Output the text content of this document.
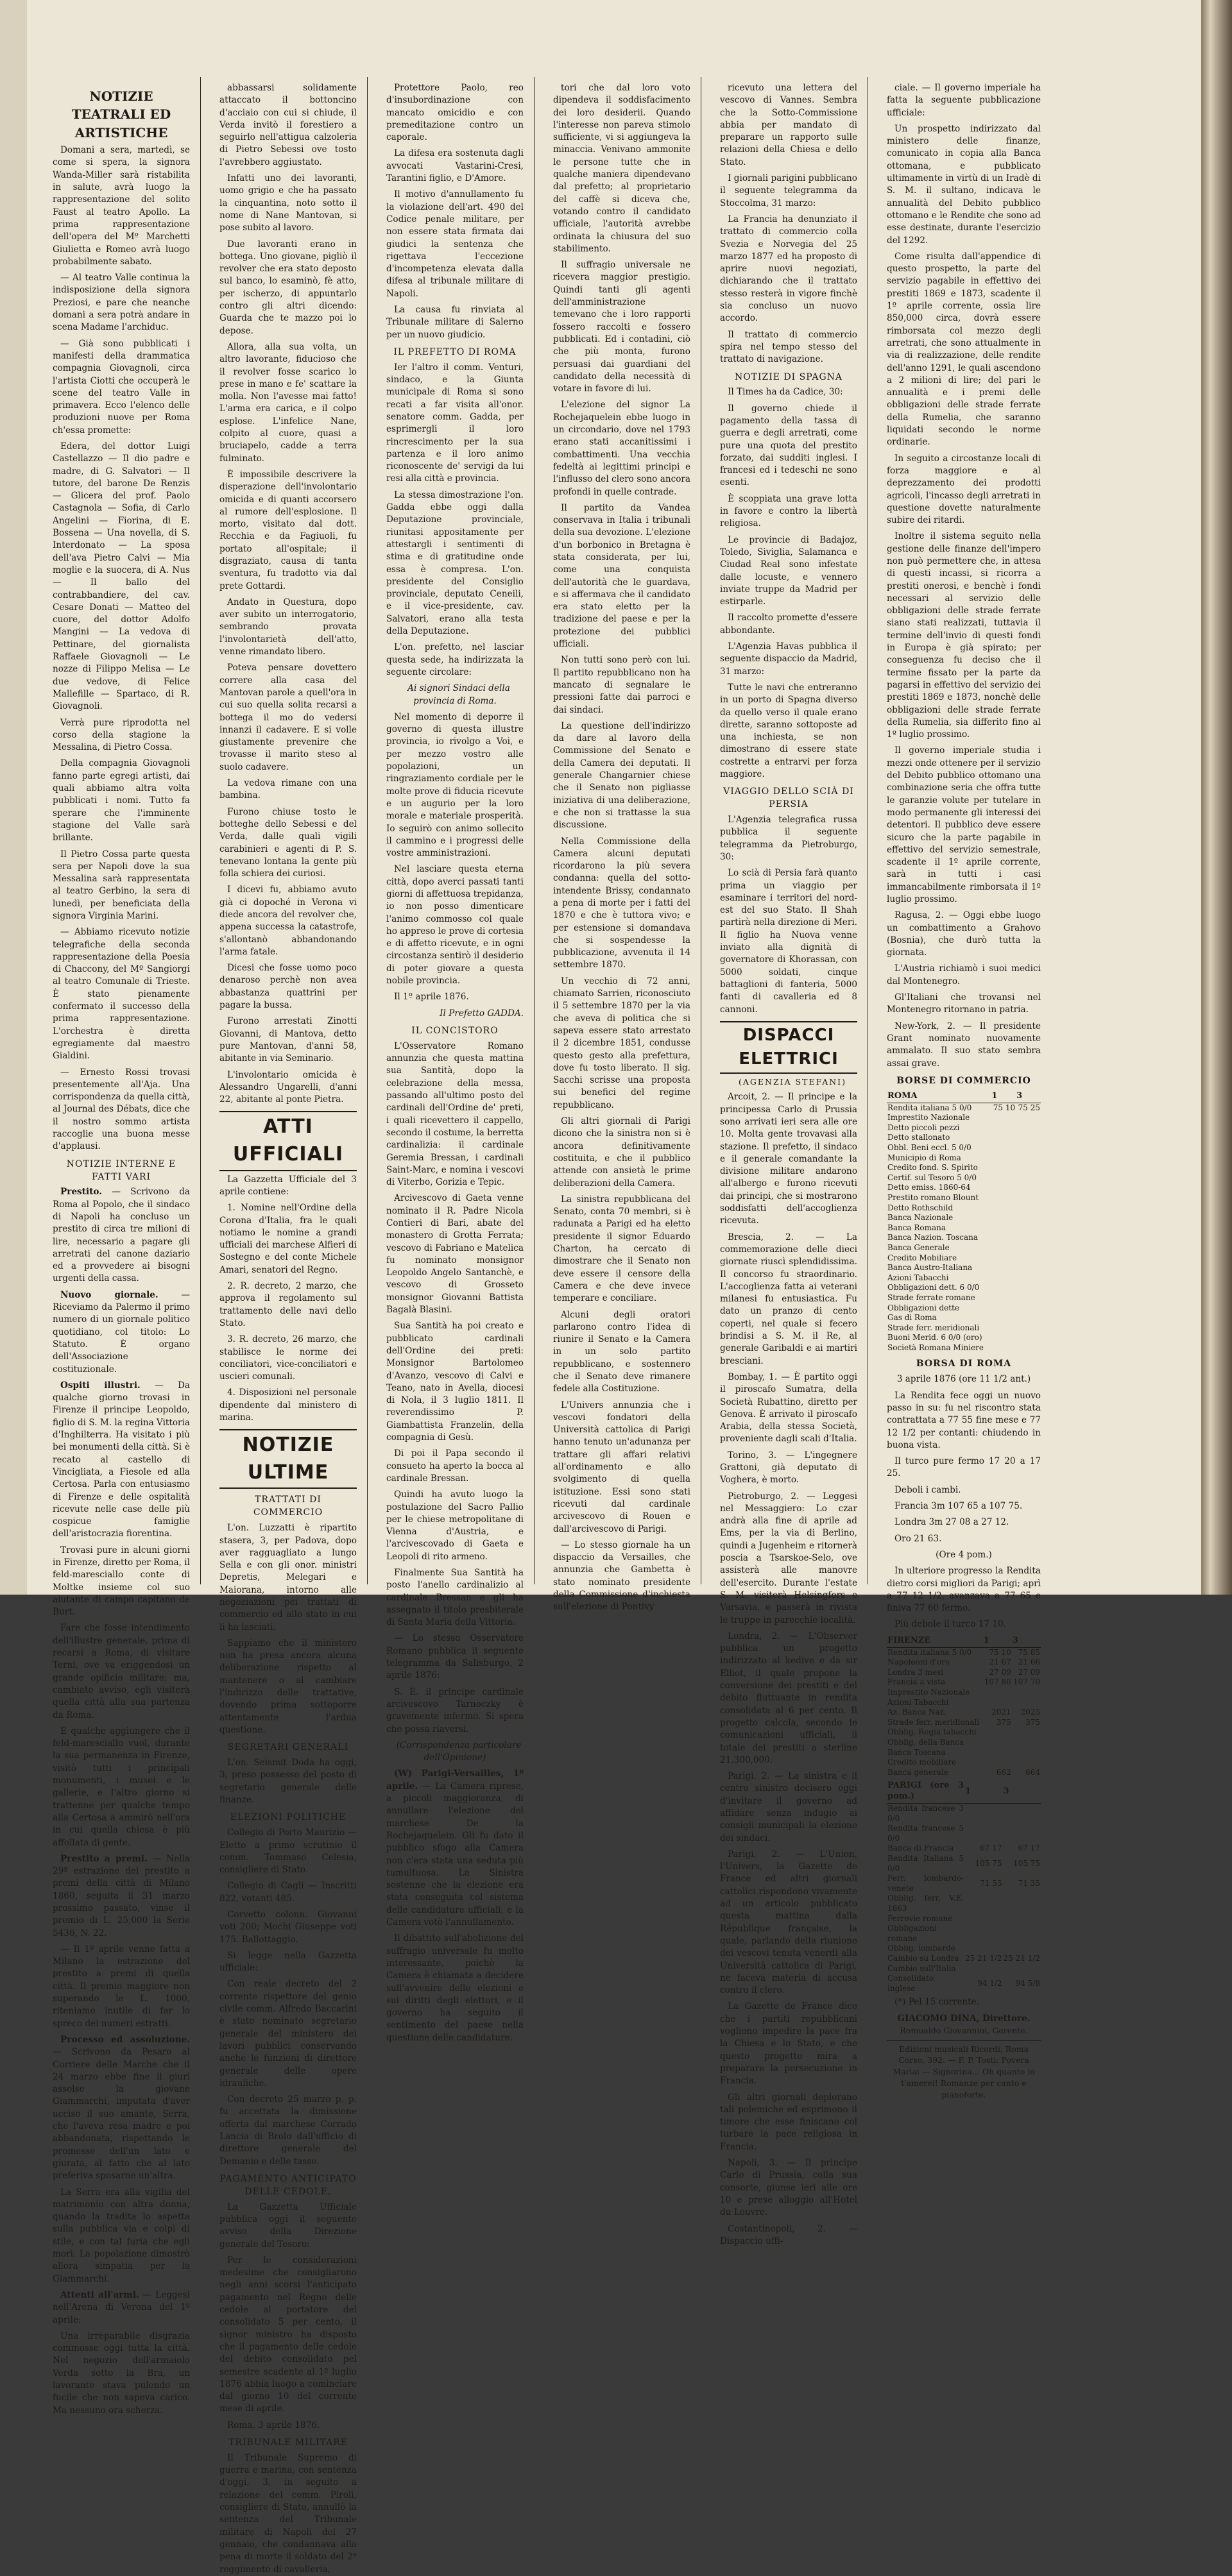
NOTIZIE TEATRALI ED ARTISTICHE

Domani a sera, martedì, se come si spera, la signora Wanda-Miller sarà ristabilita in salute, avrà luogo la rappresentazione del solito Faust al teatro Apollo. La prima rappresentazione dell'opera del Mº Marchetti Giulietta e Romeo avrà luogo probabilmente sabato.

— Al teatro Valle continua la indisposizione della signora Preziosi, e pare che neanche domani a sera potrà andare in scena Madame l'archiduc.

— Già sono pubblicati i manifesti della drammatica compagnia Giovagnoli, circa l'artista Ciotti che occuperà le scene del teatro Valle in primavera. Ecco l'elenco delle produzioni nuove per Roma ch'essa promette:

Edera, del dottor Luigi Castellazzo — Il dio padre e madre, di G. Salvatori — Il tutore, del barone De Renzis — Glicera del prof. Paolo Castagnola — Sofia, di Carlo Angelini — Fiorina, di E. Bossena — Una novella, di S. Interdonato — La sposa dell'ava Pietro Calvi — Mia moglie e la suocera, di A. Nus — Il ballo del contrabbandiere, del cav. Cesare Donati — Matteo del cuore, del dottor Adolfo Mangini — La vedova di Pettinare, del giornalista Raffaele Giovagnoli — Le nozze di Filippo Melisa — Le due vedove, di Felice Mallefille — Spartaco, di R. Giovagnoli.

Verrà pure riprodotta nel corso della stagione la Messalina, di Pietro Cossa.

Della compagnia Giovagnoli fanno parte egregi artisti, dai quali abbiamo altra volta pubblicati i nomi. Tutto fa sperare che l'imminente stagione del Valle sarà brillante.

Il Pietro Cossa parte questa sera per Napoli dove la sua Messalina sarà rappresentata al teatro Gerbino, la sera di lunedì, per beneficiata della signora Virginia Marini.

— Abbiamo ricevuto notizie telegrafiche della seconda rappresentazione della Poesia di Chaccony, del Mº Sangiorgi al teatro Comunale di Trieste. È stato pienamente confermato il successo della prima rappresentazione. L'orchestra è diretta egregiamente dal maestro Gialdini.

— Ernesto Rossi trovasi presentemente all'Aja. Una corrispondenza da quella città, al Journal des Débats, dice che il nostro sommo artista raccoglie una buona messe d'applausi.

NOTIZIE INTERNE E FATTI VARI

Prestito. — Scrivono da Roma al Popolo, che il sindaco di Napoli ha concluso un prestito di circa tre milioni di lire, necessario a pagare gli arretrati del canone daziario ed a provvedere ai bisogni urgenti della cassa.

Nuovo giornale.	— Riceviamo da Palermo il primo numero di un giornale politico quotidiano, col titolo: Lo Statuto. È organo dell'Associazione costituzionale.

Ospiti illustri. — Da qualche giorno trovasi in Firenze il principe Leopoldo, figlio di S. M. la regina Vittoria d'Inghilterra. Ha visitato i più bei monumenti della città. Si è recato al castello di Vincigliata, a Fiesole ed alla Certosa. Parla con entusiasmo di Firenze e delle ospitalità ricevute nelle case delle più cospicue famiglie dell'aristocrazia fiorentina.

Trovasi pure in alcuni giorni in Firenze, diretto per Roma, il feld-maresciallo conte di Moltke insieme col suo aiutante di campo capitano de Burt.

Fare che fosse intendimento dell'illustre generale, prima di recarsi a Roma, di visitare Terni, ove va eriggendosi un grande opificio militare; ma, cambiato avviso, egli visiterà quella città alla sua partenza da Roma.

E qualche aggiungere che il feld-maresciallo vuol, durante la sua permanenza in Firenze, visitò tutti i principali monumenti, i musei e le gallerie, e l'altro giorno si trattenne per qualche tempo alla Certosa a ammirò nell'ora in cui quella chiesa è più affollata di gente.

Prestito a premi. — Nella 29ª estrazione del prestito a premi della città di Milano 1860, seguita il 31 marzo prossimo passato, vinse il premio di L. 25,000 la Serie 5436, N. 22.

— Il 1º aprile venne fatta a Milano la estrazione del prestito a premi di quella città. Il premio maggiore non superando le L. 1000, riteniamo inutile di far lo spreco dei numeri estratti.

Processo ed assoluzione. — Scrivono da Pesaro al Corriere delle Marche che il 24 marzo ebbe fine il giuri assolse la giovane Giammarchi, imputata d'aver ucciso il suo amante, Serra, che l'aveva resa madre e poi abbandonata, rispettando le promesse dell'un lato e giurata, al fatto che al lato preferiva sposarne un'altra.

La Serra era alla vigilia del matrimonio con altra donna, quando la tradita lo aspetta sulla pubblica via e colpì di stile, e con tal furia che egli morì. La popolazione dimostrò allora simpatia per la Giammarchi.

Attenti all'armi. — Leggesi nell'Arena di Verona del 1º aprile:

Una irreparabile disgrazia commosse oggi tutta la città. Nel negozio dell'armaiolo Verda sotto la Bra, un lavorante stava pulendo un fucile che non sapeva carico. Ma nessuno ora scherza.

abbassarsi solidamente attaccato il bottoncino d'acciaio con cui si chiude, il Verda invitò il forestiero a seguirlo nell'attigua calzoleria di Pietro Sebessi ove tosto l'avrebbero aggiustato.

Infatti uno dei lavoranti, uomo grigio e che ha passato la cinquantina, noto sotto il nome di Nane Mantovan, si pose subito al lavoro.

Due lavoranti erano in bottega. Uno giovane, pigliò il revolver che era stato deposto sul banco, lo esaminò, fè atto, per ischerzo, di appuntarlo contro gli altri dicendo: Guarda che te mazzo poi lo depose.

Allora, alla sua volta, un altro lavorante, fiducioso che il revolver fosse scarico lo prese in mano e fe' scattare la molla. Non l'avesse mai fatto! L'arma era carica, e il colpo esplose. L'infelice Nane, colpito al cuore, quasi a bruciapelo, cadde a terra fulminato.

È impossibile descrivere la disperazione dell'involontario omicida e di quanti accorsero al rumore dell'esplosione. Il morto, visitato dal dott. Recchia e da Fagiuoli, fu portato all'ospitale; il disgraziato, causa di tanta sventura, fu tradotto via dal prete Gottardi.

Andato in Questura, dopo aver subito un interrogatorio, sembrando provata l'involontarietà dell'atto, venne rimandato libero.

Poteva pensare dovettero correre alla casa del Mantovan parole a quell'ora in cui suo quella solita recarsi a bottega il mo do vedersi innanzi il cadavere. E si volle giustamente prevenire che trovasse il marito steso al suolo cadavere.

La vedova rimane con una bambina.

Furono chiuse tosto le botteghe dello Sebessi e del Verda, dalle quali vigili carabinieri e agenti di P. S. tenevano lontana la gente più folla schiera dei curiosi.

I dicevi fu, abbiamo avuto già ci dopoché in Verona vi diede ancora del revolver che, appena successa la catastrofe, s'allontanò abbandonando l'arma fatale.

Dicesi che fosse uomo poco denaroso perchè non avea abbastanza quattrini per pagare la bussa.

Furono arrestati Zinotti Giovanni, di Mantova, detto pure Mantovan, d'anni 58, abitante in via Seminario.

L'involontario omicida è Alessandro Ungarelli, d'anni 22, abitante al ponte Pietra.

ATTI UFFICIALI

La Gazzetta Ufficiale del 3 aprile contiene:

1. Nomine nell'Ordine della Corona d'Italia, fra le quali notiamo le nomine a grandi ufficiali dei marchese Alfieri di Sostegno e del conte Michele Amari, senatori del Regno.

2. R. decreto, 2 marzo, che approva il regolamento sul trattamento delle navi dello Stato.

3. R. decreto, 26 marzo, che stabilisce le norme dei conciliatori, vice-conciliatori e uscieri comunali.

4. Disposizioni nel personale dipendente dal ministero di marina.

NOTIZIE ULTIME

TRATTATI DI COMMERCIO

L'on. Luzzatti è ripartito stasera, 3, per Padova, dopo aver ragguagliato a lungo Sella e con gli onor. ministri Depretis, Melegari e Maiorana, intorno alle negoziazioni pei trattati di commercio ed allo stato in cui li ha lasciati.

Sappiamo che il ministero non ha presa ancora alcuna deliberazione rispetto al mantenere o al cambiare l'indirizzo delle trattative, dovendo prima sottoporre attentamente l'ardua questione.

SEGRETARI GENERALI

L'on. Seismit Doda ha oggi, 3, preso possesso del posto di segretario generale delle finanze.

ELEZIONI POLITICHE

Collegio di Porto Maurizio — Eletto a primo scrutinio il comm. Tommaso Celesia, consigliere di Stato.

Collegio di Cagli — Inscritti 822, votanti 485.

Corvetto colonn. Giovanni voti 200; Mochi Giuseppe voti 175. Ballottaggio.

Si legge nella Gazzetta ufficiale:

Con reale decreto del 2 corrente rispettore del genio civile comm. Alfredo Baccarini è stato nominato segretario generale del ministero dei lavori pubblici conservando anche le funzioni di direttore generale delle opere idrauliche.

Con decreto 25 marzo p. p. fu accettata la dimissione offerta dal marchese Corrado Lancia di Brolo dall'ufficio di direttore generale del Demanio e delle tasse.

PAGAMENTO ANTICIPATO DELLE CEDOLE.

La Gazzetta Ufficiale pubblica oggi il seguente avviso della Direzione generale del Tesoro:

Per le considerazioni medesime che consigliarono negli anni scorsi l'anticipato pagamento nel Regno delle cedole al portatore del consolidato 5 per cento, il signor ministro ha disposto che il pagamento delle cedole del debito consolidato pel semestre scadente al 1º luglio 1876 abbia luogo a cominciare dal giorno 10 del corrente mese di aprile.

Roma, 3 aprile 1876.

TRIBUNALE MILITARE

Il Tribunale Supremo di guerra e marina, con sentenza d'oggi, 3, in seguito a relazione del comm. Piroli, consigliere di Stato, annullò la sentenza del Tribunale militare di Napoli del 27 gennaio, che condannava alla pena di morte il soldato del 2º reggimento di cavalleria,

Protettore Paolo, reo d'insubordinazione con mancato omicidio e con premeditazione contro un caporale.

La difesa era sostenuta dagli avvocati Vastarini-Cresi, Tarantini figlio, e D'Amore.

Il motivo d'annullamento fu la violazione dell'art. 490 del Codice penale militare, per non essere stata firmata dai giudici la sentenza che rigettava l'eccezione d'incompetenza elevata dalla difesa al tribunale militare di Napoli.

La causa fu rinviata al Tribunale militare di Salerno per un nuovo giudicio.

IL PREFETTO DI ROMA

Ier l'altro il comm. Venturi, sindaco, e la Giunta municipale di Roma si sono recati a far visita all'onor. senatore comm. Gadda, per esprimergli il loro rincrescimento per la sua partenza e il loro animo riconoscente de' servigi da lui resi alla città e provincia.

La stessa dimostrazione l'on. Gadda ebbe oggi dalla Deputazione provinciale, riunitasi appositamente per attestargli i sentimenti di stima e di gratitudine onde essa è compresa. L'on. presidente del Consiglio provinciale, deputato Ceneili, e il vice-presidente, cav. Salvatori, erano alla testa della Deputazione.

L'on. prefetto, nel lasciar questa sede, ha indirizzata la seguente circolare:

Ai signori Sindaci della provincia di Roma.

Nel momento di deporre il governo di questa illustre provincia, io rivolgo a Voi, e per mezzo vostro alle popolazioni, un ringraziamento cordiale per le molte prove di fiducia ricevute e un augurio per la loro morale e materiale prosperità. Io seguirò con animo sollecito il cammino e i progressi delle vostre amministrazioni.

Nel lasciare questa eterna città, dopo averci passati tanti giorni di affettuosa trepidanza, io non posso dimenticare l'animo commosso col quale ho appreso le prove di cortesia e di affetto ricevute, e in ogni circostanza sentirò il desiderio di poter giovare a questa nobile provincia.

Il 1º aprile 1876.

Il Prefetto GADDA.

IL CONCISTORO

L'Osservatore Romano annunzia che questa mattina sua Santità, dopo la celebrazione della messa, passando all'ultimo posto del cardinali dell'Ordine de' preti, i quali ricevettero il cappello, secondo il costume, la berretta cardinalizia: il cardinale Geremia Bressan, i cardinali Saint-Marc, e nomina i vescovi di Viterbo, Gorizia e Tepic.

Arcivescovo di Gaeta venne nominato il R. Padre Nicola Contieri di Bari, abate del monastero di Grotta Ferrata; vescovo di Fabriano e Matelica fu nominato monsignor Leopoldo Angelo Santanchè, e vescovo di Grosseto monsignor Giovanni Battista Bagalà Blasini.

Sua Santità ha poi creato e pubblicato cardinali dell'Ordine dei preti: Monsignor Bartolomeo d'Avanzo, vescovo di Calvi e Teano, nato in Avella, diocesi di Nola, il 3 luglio 1811. Il reverendissimo P. Giambattista Franzelin, della compagnia di Gesù.

Di poi il Papa secondo il consueto ha aperto la bocca al cardinale Bressan.

Quindi ha avuto luogo la postulazione del Sacro Pallio per le chiese metropolitane di Vienna d'Austria, e l'arcivescovado di Gaeta e Leopoli di rito armeno.

Finalmente Sua Santità ha posto l'anello cardinalizio al cardinale Bressan e gli ha assegnato il titolo presbiterale di Santa Maria della Vittoria.

— Lo stesso Osservatore Romano pubblica il seguente telegramma da Salisburgo, 2 aprile 1876:

S. E. il principe cardinale arcivescovo Tarnoczky è gravemente infermo. Si spera che possa riaversi.

(Corrispondenza particolare dell'Opinione)

(W) Parigi-Versailles, 1º aprile. — La Camera riprese, a piccoli maggioranza, di annullare l'elezione del marchese De la Rochejaquelein. Gli fu dato il pubblico sfogo alla Camera non c'era stata una seduta più tumultuosa. La Sinistra sostenne che la elezione era stata conseguita col sistema delle candidature ufficiali, e la Camera votò l'annullamento.

Il dibattito sull'abolizione del suffragio universale fu molto interessante, poichè la Camera è chiamata a decidere sull'avvenire delle elezioni e sui diritti degli elettori, e il governo ha seguito il sentimento del paese nella questione delle candidature.

tori che dal loro voto dipendeva il soddisfacimento dei loro desiderii. Quando l'interesse non pareva stimolo sufficiente, vi si aggiungeva la minaccia. Venivano ammonite le persone tutte che in qualche maniera dipendevano dal prefetto; al proprietario del caffè si diceva che, votando contro il candidato ufficiale, l'autorità avrebbe ordinata la chiusura del suo stabilimento.

Il suffragio universale ne ricevera maggior prestigio. Quindi tanti gli agenti dell'amministrazione temevano che i loro rapporti fossero raccolti e fossero pubblicati. Ed i contadini, ciò che più monta, furono persuasi dai guardiani del candidato della necessità di votare in favore di lui.

L'elezione del signor La Rochejaquelein ebbe luogo in un circondario, dove nel 1793 erano stati accanitissimi i combattimenti. Una vecchia fedeltà ai legittimi principi e l'influsso del clero sono ancora profondi in quelle contrade.

Il partito da Vandea conservava in Italia i tribunali della sua devozione. L'elezione d'un borbonico in Bretagna è stata considerata, per lui, come una conquista dell'autorità che le guardava, e si affermava che il candidato era stato eletto per la tradizione del paese e per la protezione dei pubblici ufficiali.

Non tutti sono però con lui. Il partito repubblicano non ha mancato di segnalare le pressioni fatte dai parroci e dai sindaci.

La questione dell'indirizzo da dare al lavoro della Commissione del Senato e della Camera dei deputati. Il generale Changarnier chiese che il Senato non pigliasse iniziativa di una deliberazione, e che non si trattasse la sua discussione.

Nella Commissione della Camera alcuni deputati ricordarono la più severa condanna: quella del sotto-intendente Brissy, condannato a pena di morte per i fatti del 1870 e che è tuttora vivo; e per estensione si domandava che si sospendesse la pubblicazione, avvenuta il 14 settembre 1870.

Un vecchio di 72 anni, chiamato Sarrien, riconosciuto il 5 settembre 1870 per la via che aveva di politica che si sapeva essere stato arrestato il 2 dicembre 1851, condusse questo gesto alla prefettura, dove fu tosto liberato. Il sig. Sacchi scrisse una proposta sui benefici del regime repubblicano.

Gli altri giornali di Parigi dicono che la sinistra non si è ancora definitivamente costituita, e che il pubblico attende con ansietà le prime deliberazioni della Camera.

La sinistra repubblicana del Senato, conta 70 membri, si è radunata a Parigi ed ha eletto presidente il signor Eduardo Charton, ha cercato di dimostrare che il Senato non deve essere il censore della Camera e che deve invece temperare e conciliare.

Alcuni degli oratori parlarono contro l'idea di riunire il Senato e la Camera in un solo partito repubblicano, e sostennero che il Senato deve rimanere fedele alla Costituzione.

L'Univers annunzia che i vescovi fondatori della Università cattolica di Parigi hanno tenuto un'adunanza per trattare gli affari relativi all'ordinamento e allo svolgimento di quella istituzione. Essi sono stati ricevuti dal cardinale arcivescovo di Rouen e dall'arcivescovo di Parigi.

— Lo stesso giornale ha un dispaccio da Versailles, che annunzia che Gambetta è stato nominato presidente della Commissione d'inchiesta sull'elezione di Pontivy

ricevuto una lettera del vescovo di Vannes. Sembra che la Sotto-Commissione abbia per mandato di preparare un rapporto sulle relazioni della Chiesa e dello Stato.

I giornali parigini pubblicano il seguente telegramma da Stoccolma, 31 marzo:

La Francia ha denunziato il trattato di commercio colla Svezia e Norvegia del 25 marzo 1877 ed ha proposto di aprire nuovi negoziati, dichiarando che il trattato stesso resterà in vigore finchè sia concluso un nuovo accordo.

Il trattato di commercio spira nel tempo stesso del trattato di navigazione.

NOTIZIE DI SPAGNA

Il Times ha da Cadice, 30:

Il governo chiede il pagamento della tassa di guerra e degli arretrati, come pure una quota del prestito forzato, dai sudditi inglesi. I francesi ed i tedeschi ne sono esenti.

È scoppiata una grave lotta in favore e contro la libertà religiosa.

Le provincie di Badajoz, Toledo, Siviglia, Salamanca e Ciudad Real sono infestate dalle locuste, e vennero inviate truppe da Madrid per estirparle.

Il raccolto promette d'essere abbondante.

L'Agenzia Havas pubblica il seguente dispaccio da Madrid, 31 marzo:

Tutte le navi che entreranno in un porto di Spagna diverso da quello verso il quale erano dirette, saranno sottoposte ad una inchiesta, se non dimostrano di essere state costrette a entrarvi per forza maggiore.

VIAGGIO DELLO SCIÀ DI PERSIA

L'Agenzia telegrafica russa pubblica il seguente telegramma da Pietroburgo, 30:

Lo scià di Persia farà quanto prima un viaggio per esaminare i territori del nord-est del suo Stato. Il Shah partirà nella direzione di Meri. Il figlio ha Nuova venne inviato alla dignità di governatore di Khorassan, con 5000 soldati, cinque battaglioni di fanteria, 5000 fanti di cavalleria ed 8 cannoni.

DISPACCI ELETTRICI

(AGENZIA STEFANI)

Arcoit, 2. — Il principe e la principessa Carlo di Prussia sono arrivati ieri sera alle ore 10. Molta gente trovavasi alla stazione. Il prefetto, il sindaco e il generale comandante la divisione militare andarono all'albergo e furono ricevuti dai principi, che si mostrarono soddisfatti dell'accoglienza ricevuta.

Brescia, 2. — La commemorazione delle dieci giornate riuscì splendidissima. Il concorso fu straordinario. L'accoglienza fatta ai veterani milanesi fu entusiastica. Fu dato un pranzo di cento coperti, nel quale si fecero brindisi a S. M. il Re, al generale Garibaldi e ai martiri bresciani.

Bombay, 1. — È partito oggi il piroscafo Sumatra, della Società Rubattino, diretto per Genova. È arrivato il piroscafo Arabia, della stessa Società, proveniente dagli scali d'Italia.

Torino, 3. — L'ingegnere Grattoni, già deputato di Voghera, è morto.

Pietroburgo, 2. — Leggesi nel Messaggiero: Lo czar andrà alla fine di aprile ad Ems, per la via di Berlino, quindi a Jugenheim e ritornerà poscia a Tsarskoe-Selo, ove assisterà alle manovre dell'esercito. Durante l'estate S. M. visiterà Helsingfors e Varsavia, e passerà in rivista le truppe in parecchie località.

Londra, 2. — L'Observer pubblica un progetto indirizzato al kedive e da sir Elliot, il quale propone la conversione dei prestiti e del debito fluttuante in rendita consolidata al 6 per cento. Il progetto calcola, secondo le comunicazioni ufficiali, il totale dei prestiti a sterline 21,300,000.

Parigi, 2. — La sinistra e il centro sinistro decisero oggi d'invitare il governo ad affidare senza indugio ai consigli municipali la elezione dei sindaci.

Parigi, 2. — L'Union, l'Univers, la Gazette de France ed altri giornali cattolici rispondono vivamente ad un articolo pubblicato questa mattina dalla République française, la quale, parlando della riunione dei vescovi tenuta venerdì alla Università cattolica di Parigi, ne faceva materia di accusa contro il clero.

La Gazette de France dice che i partiti repubblicani vogliono impedire la pace fra la Chiesa e lo Stato, e che questo progetto mira a preparare la persecuzione in Francia.

Gli altri giornali deplorano tali polemiche ed esprimono il timore che esse finiscano col turbare la pace religiosa in Francia.

Napoli, 3. — Il principe Carlo di Prussia, colla sua consorte, giunse ieri alle ore 10 e prese alloggio all'Hotel du Louvre.

Costantinopoli, 2. — Dispaccio uffi-

ciale. — Il governo imperiale ha fatta la seguente pubblicazione ufficiale:

Un prospetto indirizzato dal ministero delle finanze, comunicato in copia alla Banca ottomana, e pubblicato ultimamente in virtù di un Iradè di S. M. il sultano, indicava le annualità del Debito pubblico ottomano e le Rendite che sono ad esse destinate, durante l'esercizio del 1292.

Come risulta dall'appendice di questo prospetto, la parte del servizio pagabile in effettivo dei prestiti 1869 e 1873, scadente il 1º aprile corrente, ossia lire 850,000 circa, dovrà essere rimborsata col mezzo degli arretrati, che sono attualmente in via di realizzazione, delle rendite dell'anno 1291, le quali ascendono a 2 milioni di lire; del pari le annualità e i premi delle obbligazioni delle strade ferrate della Rumelia, che saranno liquidati secondo le norme ordinarie.

In seguito a circostanze locali di forza maggiore e al deprezzamento dei prodotti agricoli, l'incasso degli arretrati in questione dovette naturalmente subire dei ritardi.

Inoltre il sistema seguito nella gestione delle finanze dell'impero non può permettere che, in attesa di questi incassi, si ricorra a prestiti onerosi, e benchè i fondi necessari al servizio delle obbligazioni delle strade ferrate siano stati realizzati, tuttavia il termine dell'invio di questi fondi in Europa è già spirato; per conseguenza fu deciso che il termine fissato per la parte da pagarsi in effettivo del servizio dei prestiti 1869 e 1873, nonchè delle obbligazioni delle strade ferrate della Rumelia, sia differito fino al 1º luglio prossimo.

Il governo imperiale studia i mezzi onde ottenere per il servizio del Debito pubblico ottomano una combinazione seria che offra tutte le garanzie volute per tutelare in modo permanente gli interessi dei detentori. Il pubblico deve essere sicuro che la parte pagabile in effettivo del servizio semestrale, scadente il 1º aprile corrente, sarà in tutti i casi immancabilmente rimborsata il 1º luglio prossimo.

Ragusa, 2. — Oggi ebbe luogo un combattimento a Grahovo (Bosnia), che durò tutta la giornata.

L'Austria richiamò i suoi medici dal Montenegro.

Gl'Italiani che trovansi nel Montenegro ritornano in patria.

New-York, 2. — Il presidente Grant nominato nuovamente ammalato. Il suo stato sembra assai grave.

BORSE DI COMMERCIO

ROMA	1	3
Rendita italiana 5 0/0	75 10	75 25
Imprestito Nazionale		
Detto piccoli pezzi		
Detto stallonato		
Obbl. Beni eccl. 5 0/0		
Municipio di Roma		
Credito fond. S. Spirito		
Certif. sul Tesoro 5 0/0		
Detto emiss. 1860-64		
Prestito romano Blount		
Detto Rothschild		
Banca Nazionale		
Banca Romana		
Banca Nazion. Toscana		
Banca Generale		
Credito Mobiliare		
Banca Austro-Italiana		
Azioni Tabacchi		
Obbligazioni dett. 6 0/0		
Strade ferrate romane		
Obbligazioni dette		
Gas di Roma		
Strade ferr. meridionali		
Buoni Merid. 6 0/0 (oro)		
Società Romana Miniere		

BORSA DI ROMA

3 aprile 1876 (ore 11 1/2 ant.)

La Rendita fece oggi un nuovo passo in su: fu nel riscontro stata contrattata a 77 55 fine mese e 77 12 1/2 per contanti: chiudendo in buona vista.

Il turco pure fermo 17 20 a 17 25.

Deboli i cambi.

Francia 3m 107 65 a 107 75.

Londra 3m 27 08 a 27 12.

Oro 21 63.

(Ore 4 pom.)

In ulteriore progresso la Rendita dietro corsi migliori da Parigi; aprì a 77 12 1/2, avanzava a 77 65 e finiva 77 60 fermo.

Più debole il turco 17 10.

FIRENZE	1	3
Rendita italiana 5 0/0	75 10	75 85
Napoleoni d'oro	21 67	21 66
Londra 3 mesi	27 09	27 09
Francia a vista	107 80	107 70
Imprestito Nazionale		
Azioni Tabacchi		
Az. Banca Naz.	2021	2025
Strade ferr. meridionali	375	375
Obblig. Regia tabacchi		
Obblig. della Banca		
Banca Toscana		
Credito mobiliare		
Banca generale	662	664
PARIGI (ore 3 pom.)	1	3
Rendita francese 3 0/0		
Rendita francese 5 0/0		
Banca di Francia	67 17	67 17
Rendita Italiana 5 0/0	105 75	105 75
Ferr. lombardo-venete	71 55	71 35
Obblig. ferr. V.E. 1863		
Ferrovie romane		
Obbligazioni romane		
Obblig. lombarde		
Cambio su Londra	25 21 1/2	25 21 1/2
Cambio sull'Italia		
Consolidato inglese	94 1/2	94 5/8

(*) Pel 15 corrente.

GIACOMO DINA, Direttore.
Romualdo Giovannini, Gerente.
Edizioni musicali Ricordi, Roma Corso, 392. — F. P. Tosti: Povera Mariai — Signorina... Oh quanto io t'amerei! Romanze per canto e pianoforte.
